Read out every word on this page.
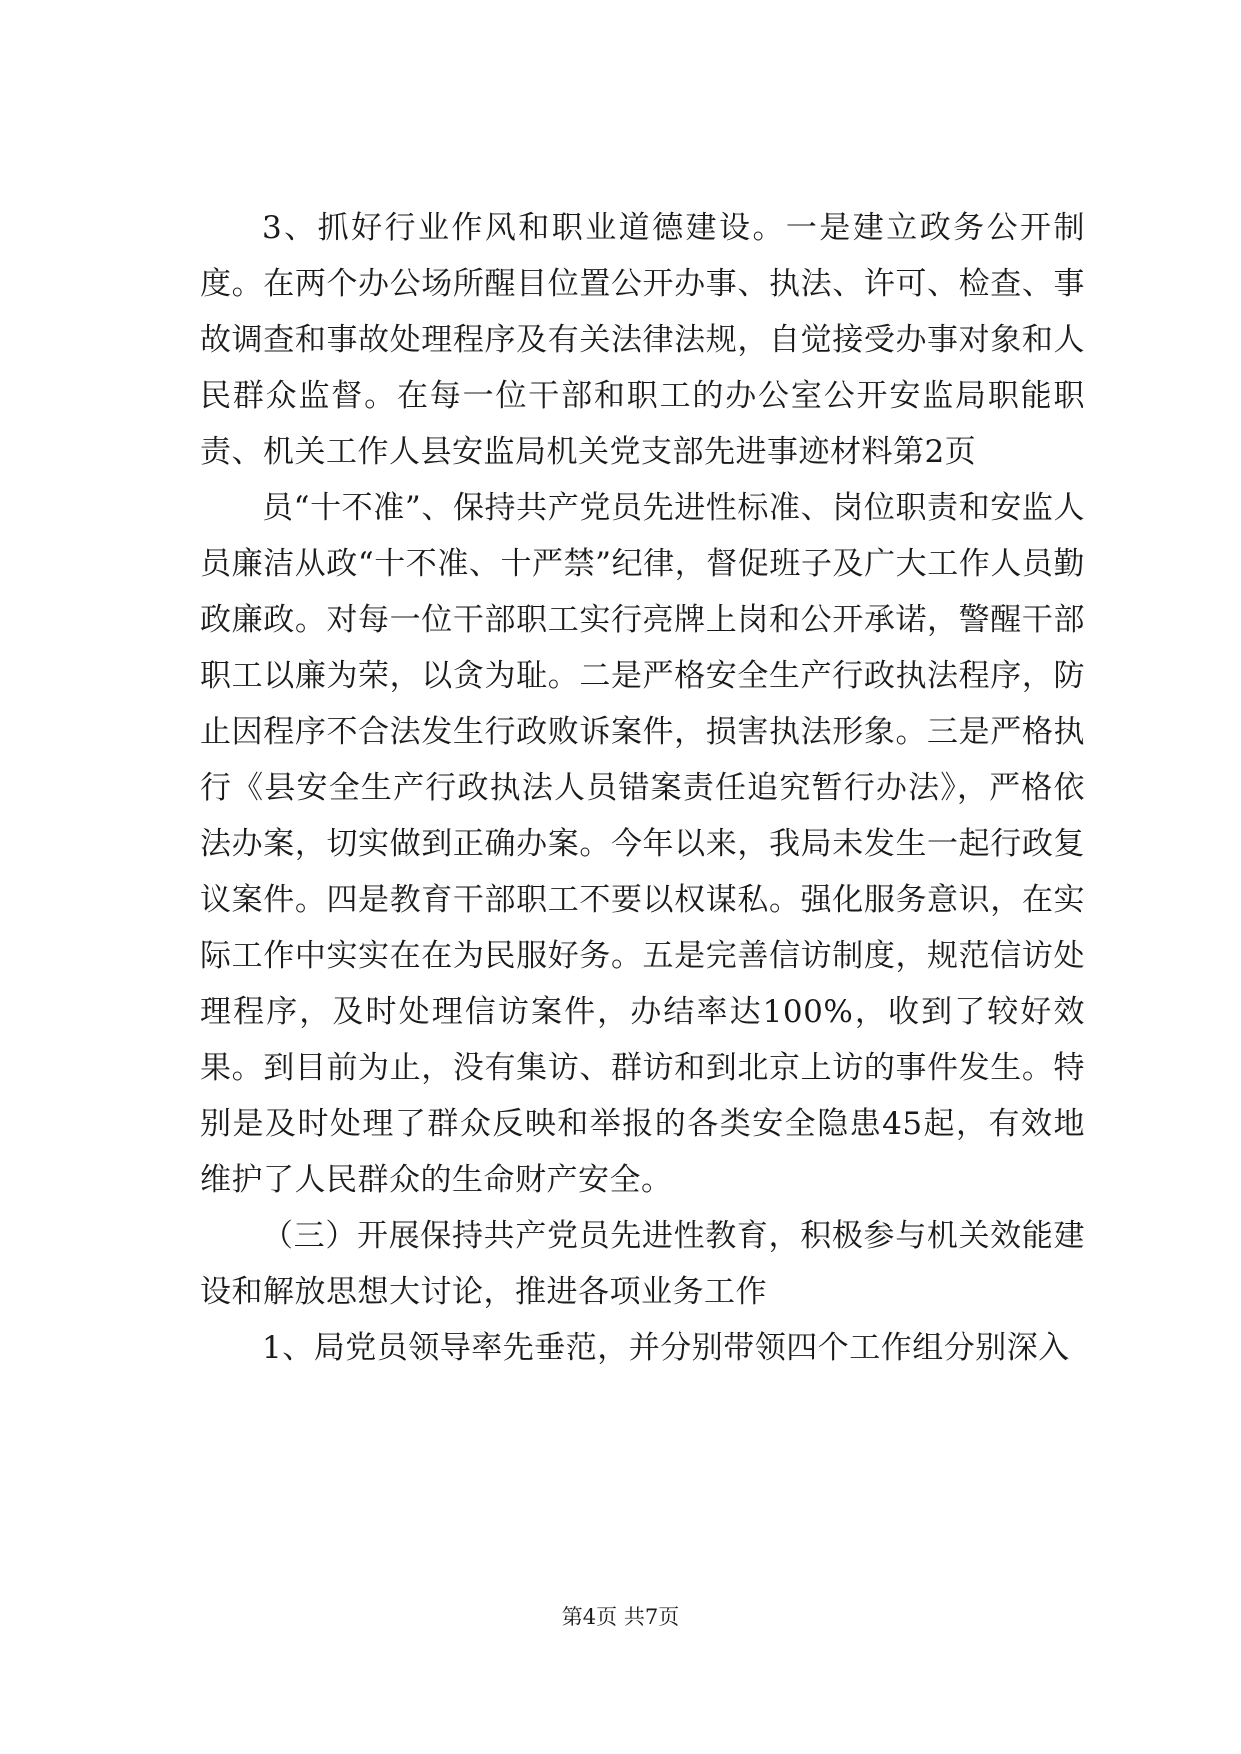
3、抓好行业作风和职业道德建设。一是建立政务公开制度。在两个办公场所醒目位置公开办事、执法、许可、检查、事故调查和事故处理程序及有关法律法规，自觉接受办事对象和人民群众监督。在每一位干部和职工的办公室公开安监局职能职责、机关工作人县安监局机关党支部先进事迹材料第2页

员“十不准”、保持共产党员先进性标准、岗位职责和安监人员廉洁从政“十不准、十严禁”纪律，督促班子及广大工作人员勤政廉政。对每一位干部职工实行亮牌上岗和公开承诺，警醒干部职工以廉为荣，以贪为耻。二是严格安全生产行政执法程序，防止因程序不合法发生行政败诉案件，损害执法形象。三是严格执行《县安全生产行政执法人员错案责任追究暂行办法》，严格依法办案，切实做到正确办案。今年以来，我局未发生一起行政复议案件。四是教育干部职工不要以权谋私。强化服务意识，在实际工作中实实在在为民服好务。五是完善信访制度，规范信访处理程序，及时处理信访案件，办结率达100%，收到了较好效果。到目前为止，没有集访、群访和到北京上访的事件发生。特别是及时处理了群众反映和举报的各类安全隐患45起，有效地维护了人民群众的生命财产安全。

（三）开展保持共产党员先进性教育，积极参与机关效能建设和解放思想大讨论，推进各项业务工作

1、局党员领导率先垂范，并分别带领四个工作组分别深入

第4页 共7页
